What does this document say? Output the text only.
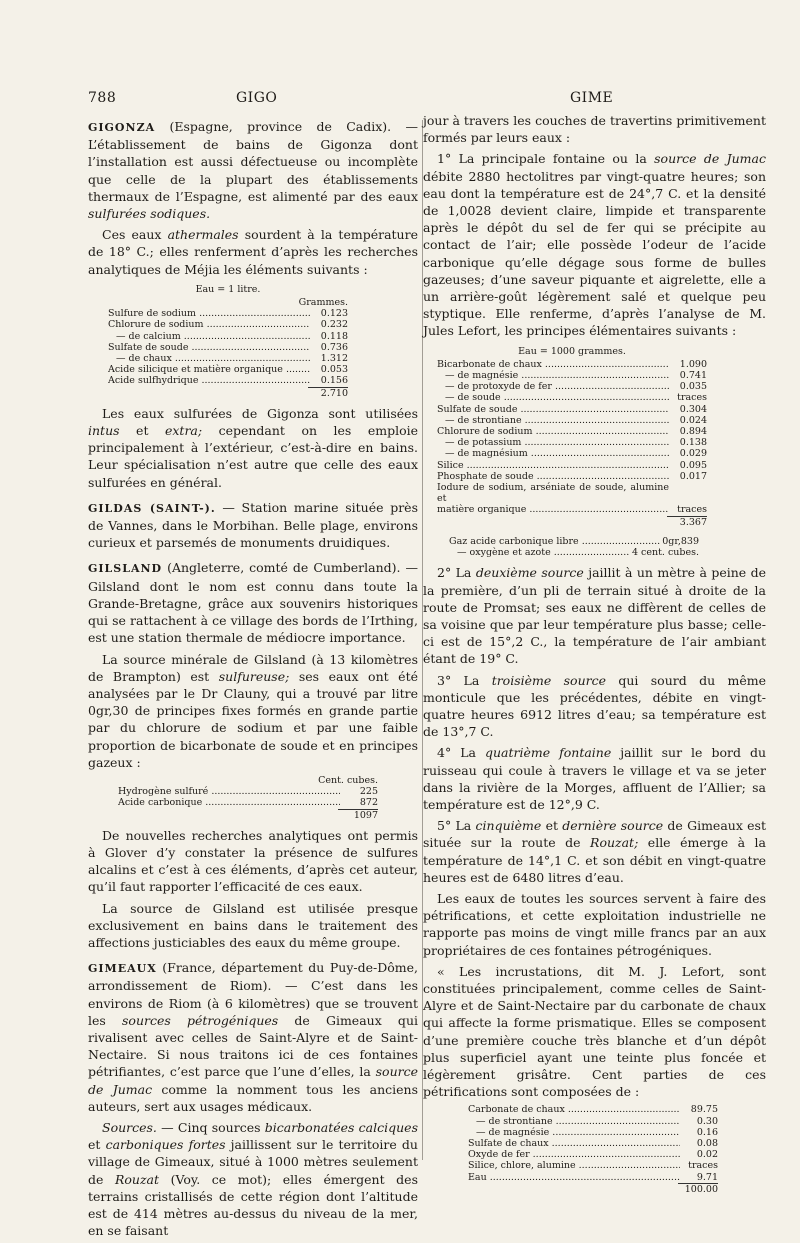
788	GIGO	GIME

GIGONZA (Espagne, province de Cadix). — L’établissement de bains de Gigonza dont l’installation est aussi défectueuse ou incomplète que celle de la plupart des établissements thermaux de l’Espagne, est alimenté par des eaux sulfurées sodiques.

Ces eaux athermales sourdent à la température de 18° C.; elles renferment d’après les recherches analytiques de Méjia les éléments suivants :

Eau = 1 litre.
Grammes.
Sulfure de sodium .....	0.123
Chlorure de sodium .....	0.232
— de calcium .....	0.118
Sulfate de soude .....	0.736
— de chaux .....	1.312
Acide silicique et matière organique .....	0.053
Acide sulfhydrique .....	0.156
2.710

Les eaux sulfurées de Gigonza sont utilisées intus et extra; cependant on les emploie principalement à l’extérieur, c’est-à-dire en bains. Leur spécialisation n’est autre que celle des eaux sulfurées en général.

GILDAS (SAINT-). — Station marine située près de Vannes, dans le Morbihan. Belle plage, environs curieux et parsemés de monuments druidiques.

GILSLAND (Angleterre, comté de Cumberland). — Gilsland dont le nom est connu dans toute la Grande-Bretagne, grâce aux souvenirs historiques qui se rattachent à ce village des bords de l’Irthing, est une station thermale de médiocre importance.

La source minérale de Gilsland (à 13 kilomètres de Brampton) est sulfureuse; ses eaux ont été analysées par le Dr Clauny, qui a trouvé par litre 0gr,30 de principes fixes formés en grande partie par du chlorure de sodium et par une faible proportion de bicarbonate de soude et en principes gazeux :

Cent. cubes.
Hydrogène sulfuré .....	225
Acide carbonique .....	872
1097

De nouvelles recherches analytiques ont permis à Glover d’y constater la présence de sulfures alcalins et c’est à ces éléments, d’après cet auteur, qu’il faut rapporter l’efficacité de ces eaux.

La source de Gilsland est utilisée presque exclusivement en bains dans le traitement des affections justiciables des eaux du même groupe.

GIMEAUX (France, département du Puy-de-Dôme, arrondissement de Riom). — C’est dans les environs de Riom (à 6 kilomètres) que se trouvent les sources pétrogéniques de Gimeaux qui rivalisent avec celles de Saint-Alyre et de Saint-Nectaire. Si nous traitons ici de ces fontaines pétrifiantes, c’est parce que l’une d’elles, la source de Jumac comme la nomment tous les anciens auteurs, sert aux usages médicaux.

Sources. — Cinq sources bicarbonatées calciques et carboniques fortes jaillissent sur le territoire du village de Gimeaux, situé à 1000 mètres seulement de Rouzat (Voy. ce mot); elles émergent des terrains cristallisés de cette région dont l’altitude est de 414 mètres au-dessus du niveau de la mer, en se faisant

jour à travers les couches de travertins primitivement formés par leurs eaux :

1° La principale fontaine ou la source de Jumac débite 2880 hectolitres par vingt-quatre heures; son eau dont la température est de 24°,7 C. et la densité de 1,0028 devient claire, limpide et transparente après le dépôt du sel de fer qui se précipite au contact de l’air; elle possède l’odeur de l’acide carbonique qu’elle dégage sous forme de bulles gazeuses; d’une saveur piquante et aigrelette, elle a un arrière-goût légèrement salé et quelque peu styptique. Elle renferme, d’après l’analyse de M. Jules Lefort, les principes élémentaires suivants :

Eau = 1000 grammes.
Bicarbonate de chaux .....	1.090
— de magnésie .....	0.741
— de protoxyde de fer .....	0.035
— de soude .....	traces
Sulfate de soude .....	0.304
— de strontiane .....	0.024
Chlorure de sodium .....	0.894
— de potassium .....	0.138
— de magnésium .....	0.029
Silice .....	0.095
Phosphate de soude .....	0.017
Iodure de sodium, arséniate de soude, alumine et
matière organique .....	traces
3.367
Gaz acide carbonique libre .....	0gr,839
— oxygène et azote .....	4 cent. cubes.

2° La deuxième source jaillit à un mètre à peine de la première, d’un pli de terrain situé à droite de la route de Promsat; ses eaux ne diffèrent de celles de sa voisine que par leur température plus basse; celle-ci est de 15°,2 C., la température de l’air ambiant étant de 19° C.

3° La troisième source qui sourd du même monticule que les précédentes, débite en vingt-quatre heures 6912 litres d’eau; sa température est de 13°,7 C.

4° La quatrième fontaine jaillit sur le bord du ruisseau qui coule à travers le village et va se jeter dans la rivière de la Morges, affluent de l’Allier; sa température est de 12°,9 C.

5° La cinquième et dernière source de Gimeaux est située sur la route de Rouzat; elle émerge à la température de 14°,1 C. et son débit en vingt-quatre heures est de 6480 litres d’eau.

Les eaux de toutes les sources servent à faire des pétrifications, et cette exploitation industrielle ne rapporte pas moins de vingt mille francs par an aux propriétaires de ces fontaines pétrogéniques.

« Les incrustations, dit M. J. Lefort, sont constituées principalement, comme celles de Saint-Alyre et de Saint-Nectaire par du carbonate de chaux qui affecte la forme prismatique. Elles se composent d’une première couche très blanche et d’un dépôt plus superficiel ayant une teinte plus foncée et légèrement grisâtre. Cent parties de ces pétrifications sont composées de :

Carbonate de chaux .....	89.75
— de strontiane .....	0.30
— de magnésie .....	0.16
Sulfate de chaux .....	0.08
Oxyde de fer .....	0.02
Silice, chlore, alumine .....	traces
Eau .....	9.71
100.00
